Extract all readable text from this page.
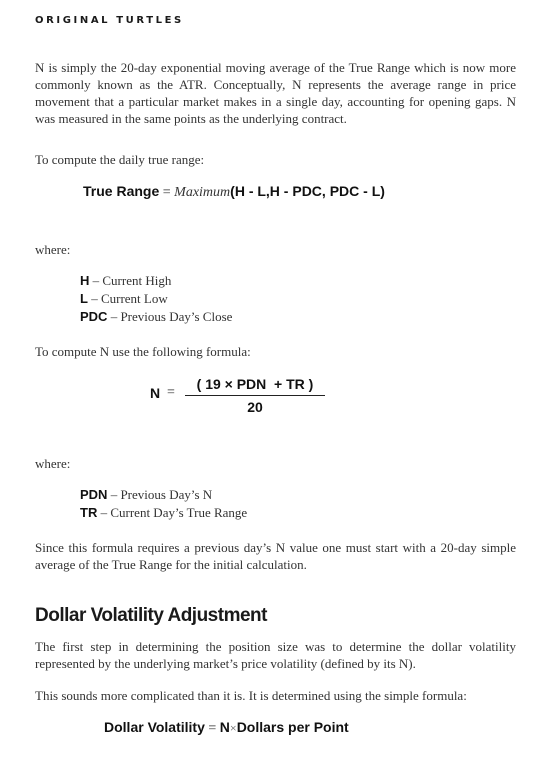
ORIGINAL TURTLES

N is simply the 20-day exponential moving average of the True Range which is now more commonly known as the ATR. Conceptually, N represents the average range in price movement that a particular market makes in a single day, accounting for opening gaps. N was measured in the same points as the underlying contract.

To compute the daily true range:

True Range = Maximum(H - L,H - PDC, PDC - L)

where:

H – Current High
L – Current Low
PDC – Previous Day’s Close

To compute N use the following formula:

N =
( 19 × PDN  + TR )
20

where:

PDN – Previous Day’s N
TR – Current Day’s True Range

Since this formula requires a previous day’s N value one must start with a 20-day simple average of the True Range for the initial calculation.

Dollar Volatility Adjustment

The first step in determining the position size was to determine the dollar volatility represented by the underlying market’s price volatility (defined by its N).

This sounds more complicated than it is. It is determined using the simple formula:

Dollar Volatility = N×Dollars per Point
